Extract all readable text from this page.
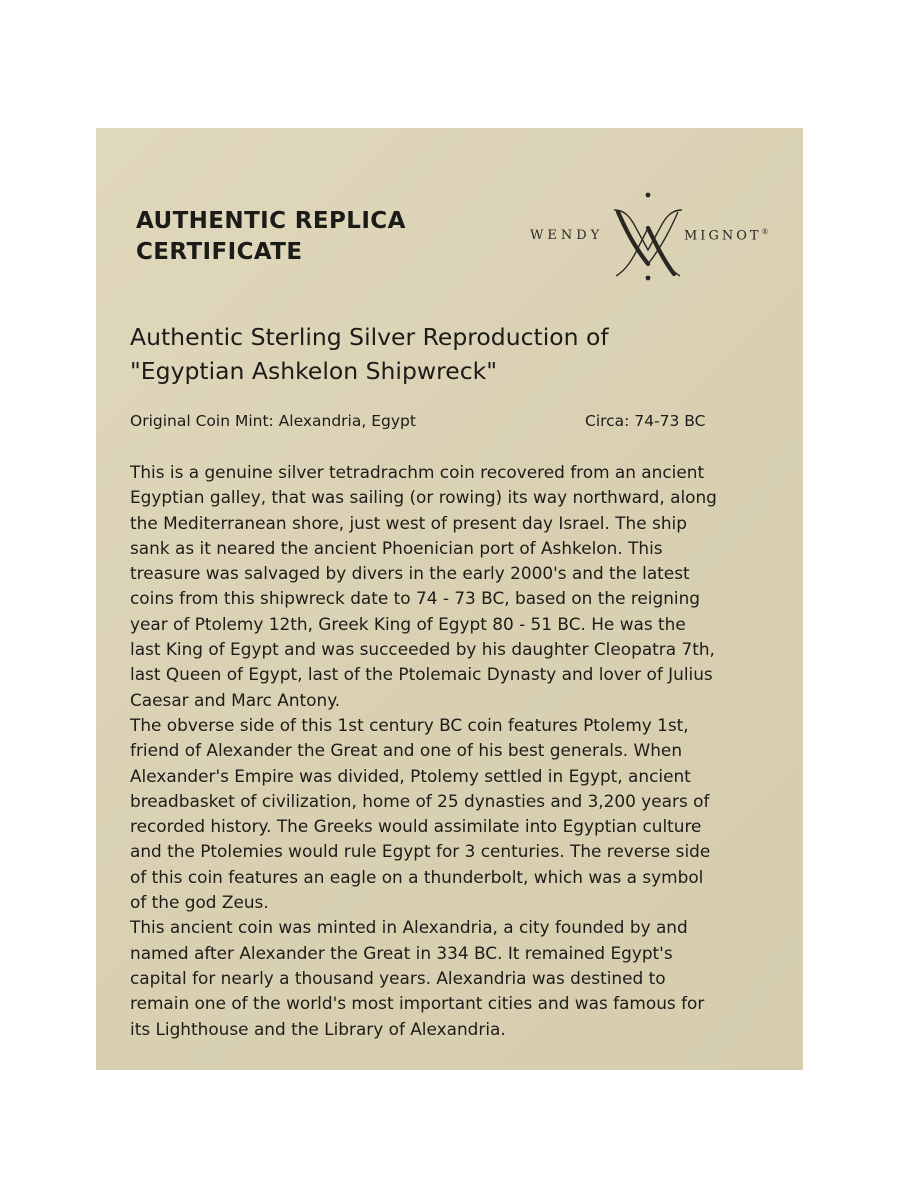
AUTHENTIC REPLICA
CERTIFICATE
WENDY	MIGNOT®
Authentic Sterling Silver Reproduction of
"Egyptian Ashkelon Shipwreck"
Original Coin Mint: Alexandria, Egypt	Circa: 74-73 BC

This is a genuine silver tetradrachm coin recovered from an ancient
Egyptian galley, that was sailing (or rowing) its way northward, along
the Mediterranean shore, just west of present day Israel. The ship
sank as it neared the ancient Phoenician port of Ashkelon. This
treasure was salvaged by divers in the early 2000's and the latest
coins from this shipwreck date to 74 - 73 BC, based on the reigning
year of Ptolemy 12th, Greek King of Egypt 80 - 51 BC. He was the
last King of Egypt and was succeeded by his daughter Cleopatra 7th,
last Queen of Egypt, last of the Ptolemaic Dynasty and lover of Julius
Caesar and Marc Antony.
The obverse side of this 1st century BC coin features Ptolemy 1st,
friend of Alexander the Great and one of his best generals. When
Alexander's Empire was divided, Ptolemy settled in Egypt, ancient
breadbasket of civilization, home of 25 dynasties and 3,200 years of
recorded history. The Greeks would assimilate into Egyptian culture
and the Ptolemies would rule Egypt for 3 centuries. The reverse side
of this coin features an eagle on a thunderbolt, which was a symbol
of the god Zeus.
This ancient coin was minted in Alexandria, a city founded by and
named after Alexander the Great in 334 BC. It remained Egypt's
capital for nearly a thousand years. Alexandria was destined to
remain one of the world's most important cities and was famous for
its Lighthouse and the Library of Alexandria.
